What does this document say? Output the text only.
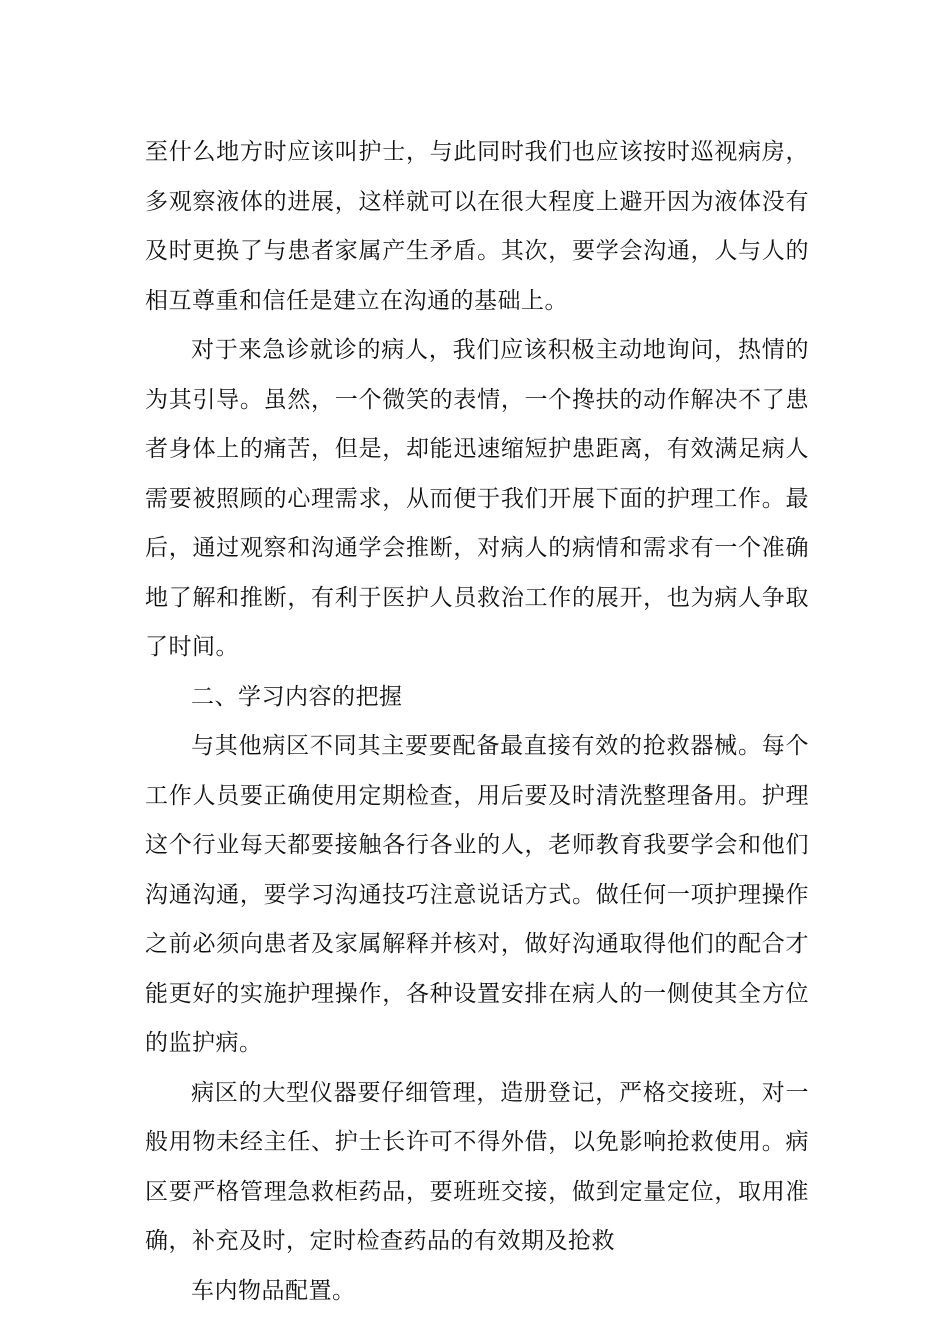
至什么地方时应该叫护士，与此同时我们也应该按时巡视病房，多观察液体的进展，这样就可以在很大程度上避开因为液体没有及时更换了与患者家属产生矛盾。其次，要学会沟通，人与人的相互尊重和信任是建立在沟通的基础上。

对于来急诊就诊的病人，我们应该积极主动地询问，热情的为其引导。虽然，一个微笑的表情，一个搀扶的动作解决不了患者身体上的痛苦，但是，却能迅速缩短护患距离，有效满足病人需要被照顾的心理需求，从而便于我们开展下面的护理工作。最后，通过观察和沟通学会推断，对病人的病情和需求有一个准确地了解和推断，有利于医护人员救治工作的展开，也为病人争取了时间。

二、学习内容的把握

与其他病区不同其主要要配备最直接有效的抢救器械。每个工作人员要正确使用定期检查，用后要及时清洗整理备用。护理这个行业每天都要接触各行各业的人，老师教育我要学会和他们沟通沟通，要学习沟通技巧注意说话方式。做任何一项护理操作之前必须向患者及家属解释并核对，做好沟通取得他们的配合才能更好的实施护理操作，各种设置安排在病人的一侧使其全方位的监护病。

病区的大型仪器要仔细管理，造册登记，严格交接班，对一般用物未经主任、护士长许可不得外借，以免影响抢救使用。病区要严格管理急救柜药品，要班班交接，做到定量定位，取用准确，补充及时，定时检查药品的有效期及抢救

车内物品配置。
